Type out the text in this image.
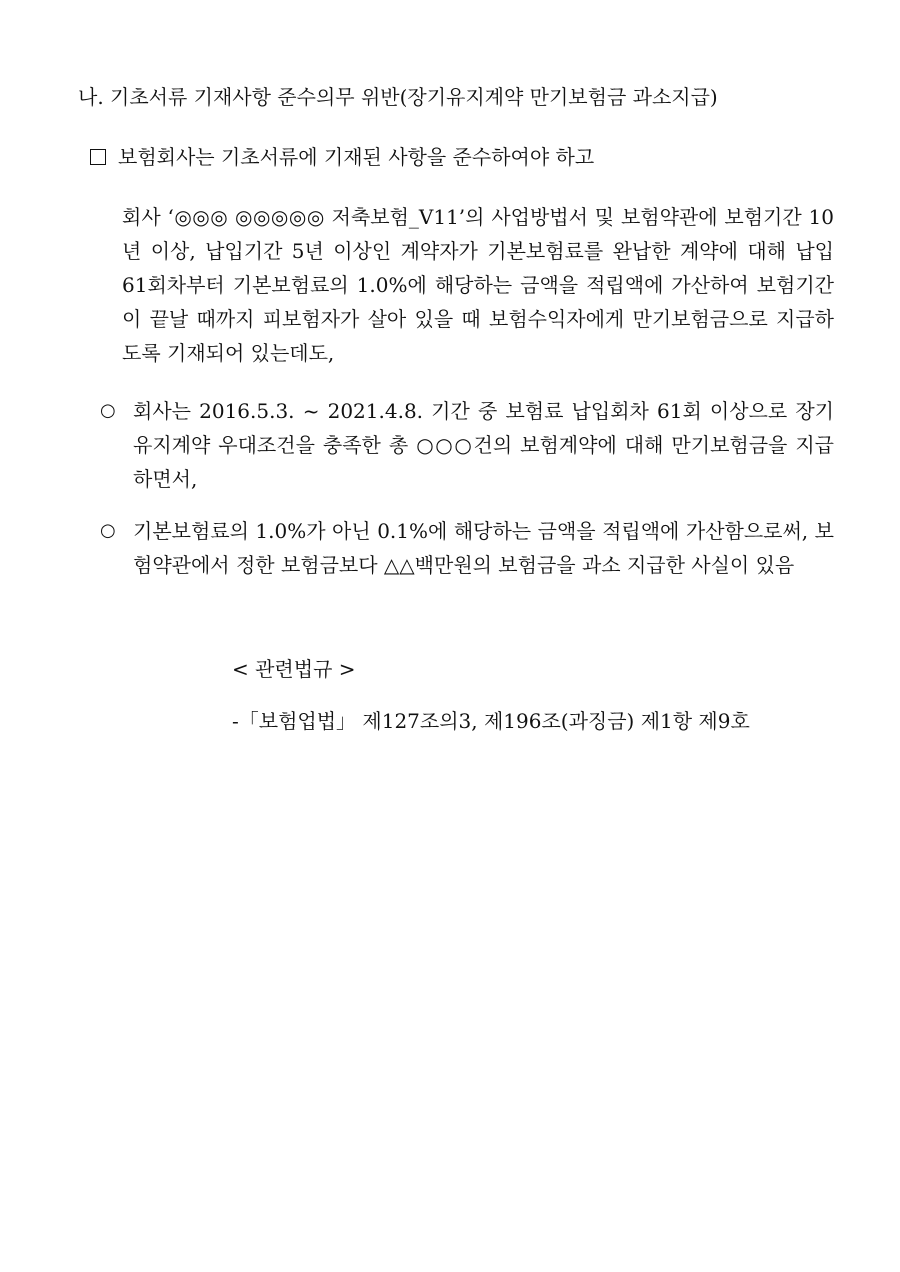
나. 기초서류 기재사항 준수의무 위반(장기유지계약 만기보험금 과소지급)
보험회사는 기초서류에 기재된 사항을 준수하여야 하고
회사 ‘◎◎◎ ◎◎◎◎◎ 저축보험_V11’의 사업방법서 및 보험약관에 보험기간 10년 이상, 납입기간 5년 이상인 계약자가 기본보험료를 완납한 계약에 대해 납입 61회차부터 기본보험료의 1.0%에 해당하는 금액을 적립액에 가산하여 보험기간이 끝날 때까지 피보험자가 살아 있을 때 보험수익자에게 만기보험금으로 지급하도록 기재되어 있는데도,
○ 회사는 2016.5.3. ~ 2021.4.8. 기간 중 보험료 납입회차 61회 이상으로 장기유지계약 우대조건을 충족한 총 ○○○건의 보험계약에 대해 만기보험금을 지급하면서,
○ 기본보험료의 1.0%가 아닌 0.1%에 해당하는 금액을 적립액에 가산함으로써, 보험약관에서 정한 보험금보다 △△백만원의 보험금을 과소 지급한 사실이 있음
< 관련법규 >
-「보험업법」 제127조의3, 제196조(과징금) 제1항 제9호
